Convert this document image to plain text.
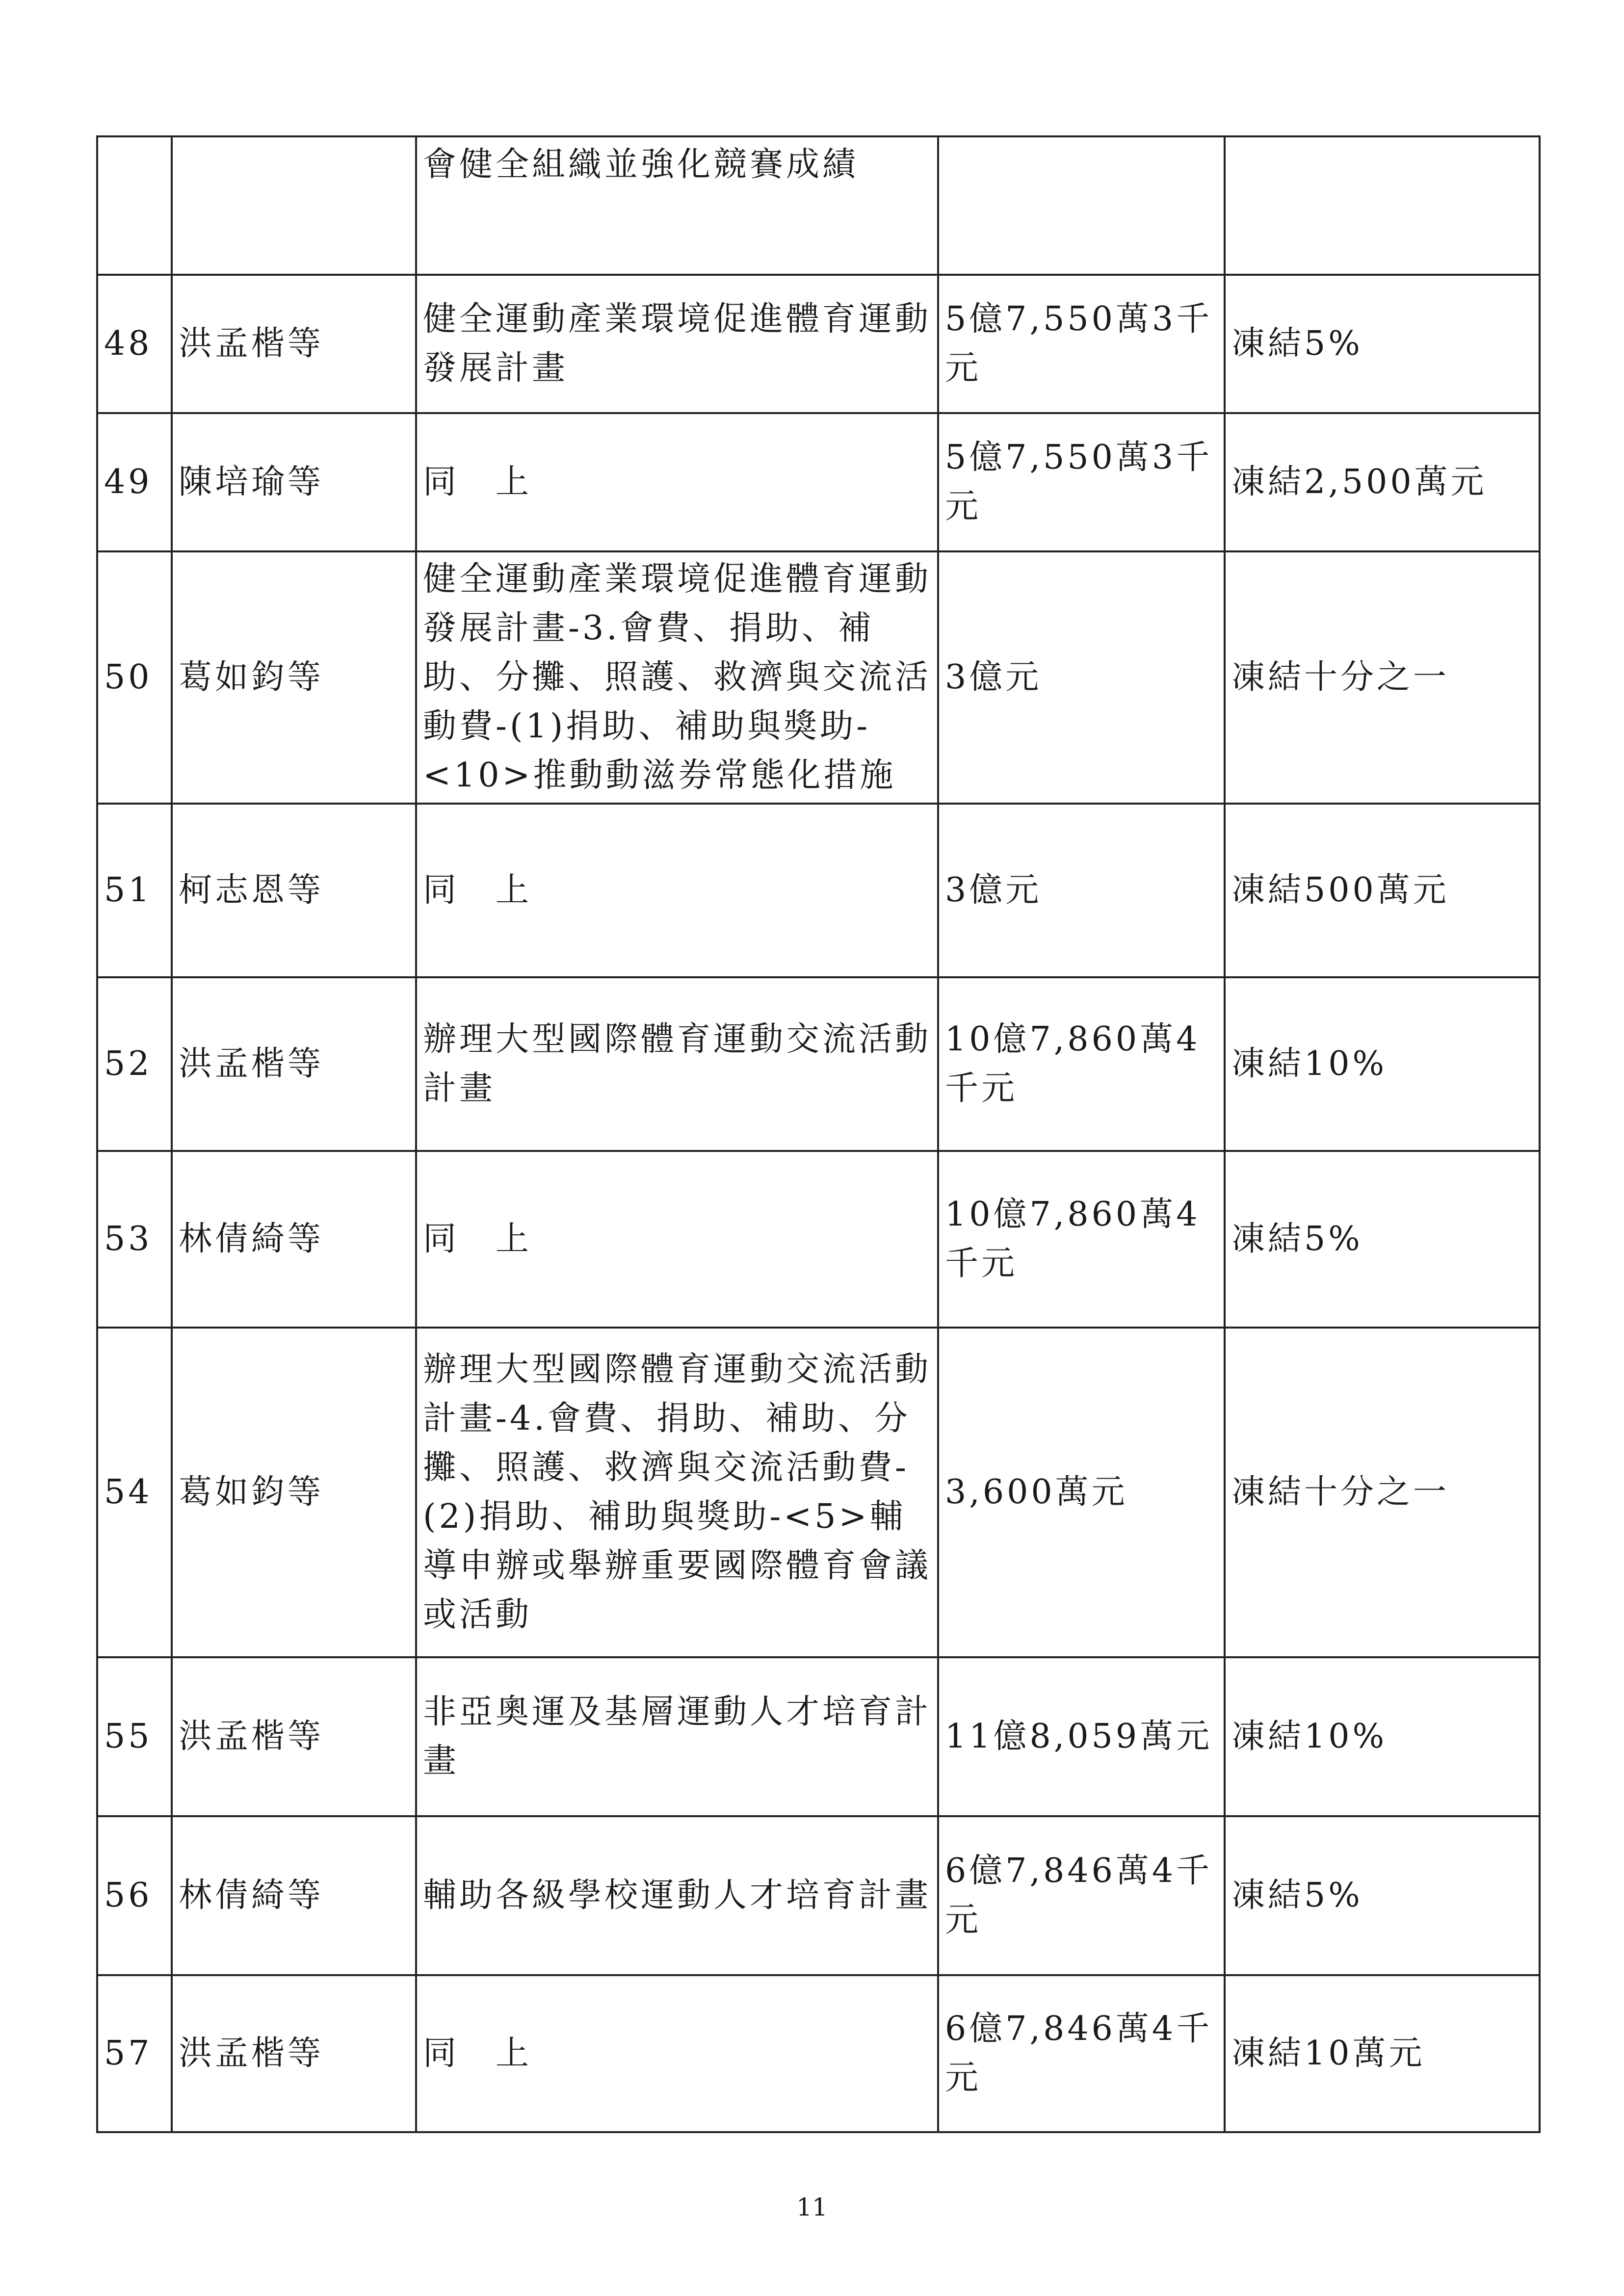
		會健全組織並強化競賽成績		
48	洪孟楷等	健全運動產業環境促進體育運動發展計畫	5億7,550萬3千元	凍結5%
49	陳培瑜等	同　上	5億7,550萬3千元	凍結2,500萬元
50	葛如鈞等	健全運動產業環境促進體育運動發展計畫-3.會費、捐助、補助、分攤、照護、救濟與交流活動費-(1)捐助、補助與獎助-<10>推動動滋券常態化措施	3億元	凍結十分之一
51	柯志恩等	同　上	3億元	凍結500萬元
52	洪孟楷等	辦理大型國際體育運動交流活動計畫	10億7,860萬4千元	凍結10%
53	林倩綺等	同　上	10億7,860萬4千元	凍結5%
54	葛如鈞等	辦理大型國際體育運動交流活動計畫-4.會費、捐助、補助、分攤、照護、救濟與交流活動費-(2)捐助、補助與獎助-<5>輔導申辦或舉辦重要國際體育會議或活動	3,600萬元	凍結十分之一
55	洪孟楷等	非亞奧運及基層運動人才培育計畫	11億8,059萬元	凍結10%
56	林倩綺等	輔助各級學校運動人才培育計畫	6億7,846萬4千元	凍結5%
57	洪孟楷等	同　上	6億7,846萬4千元	凍結10萬元
11
